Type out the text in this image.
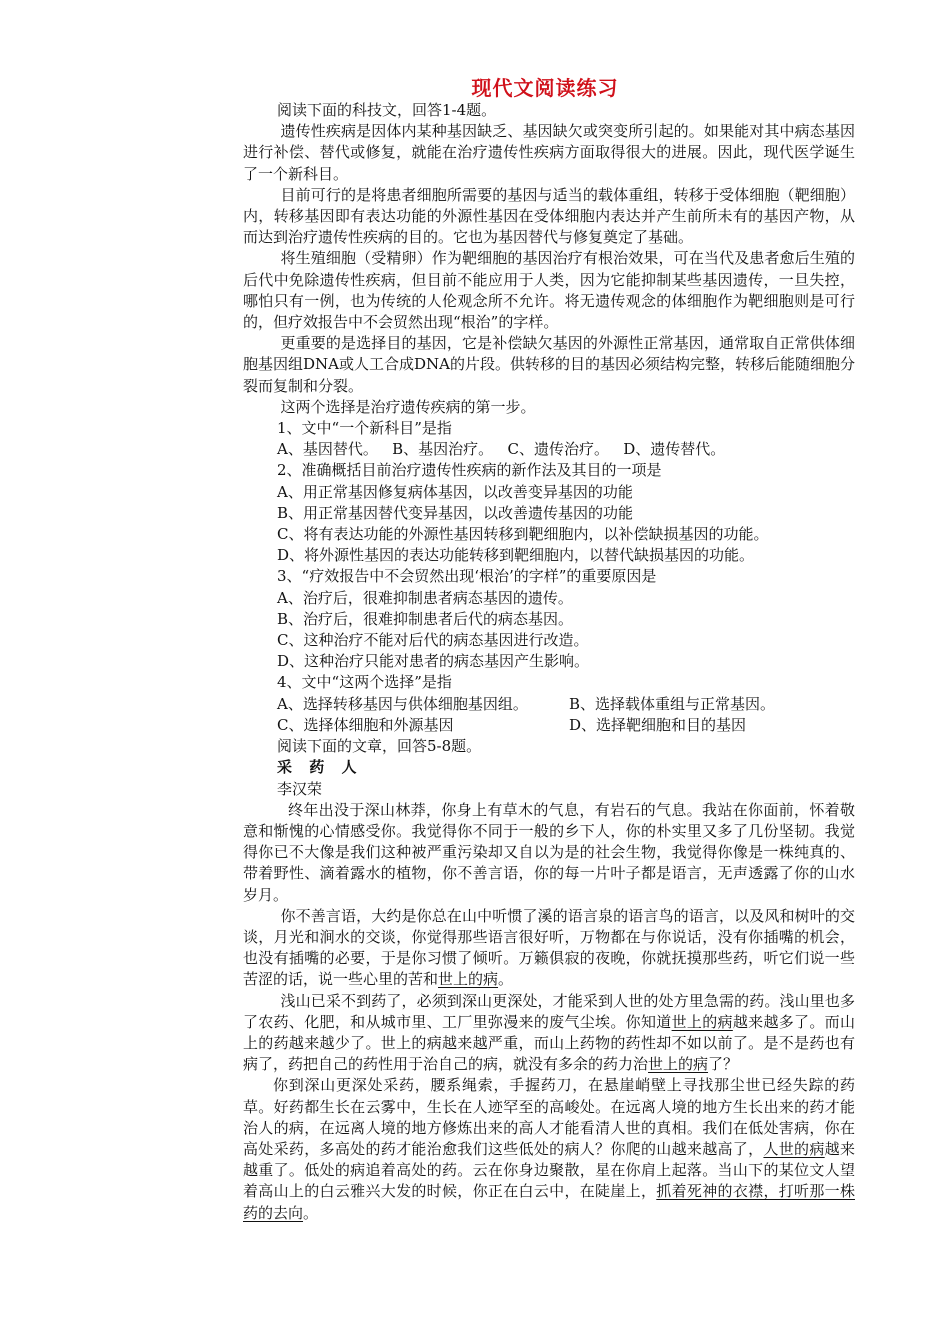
现代文阅读练习

阅读下面的科技文，回答1-4题。

遗传性疾病是因体内某种基因缺乏、基因缺欠或突变所引起的。如果能对其中病态基因进行补偿、替代或修复，就能在治疗遗传性疾病方面取得很大的进展。因此，现代医学诞生了一个新科目。

目前可行的是将患者细胞所需要的基因与适当的载体重组，转移于受体细胞（靶细胞）内，转移基因即有表达功能的外源性基因在受体细胞内表达并产生前所未有的基因产物，从而达到治疗遗传性疾病的目的。它也为基因替代与修复奠定了基础。

将生殖细胞（受精卵）作为靶细胞的基因治疗有根治效果，可在当代及患者愈后生殖的后代中免除遗传性疾病，但目前不能应用于人类，因为它能抑制某些基因遗传，一旦失控，哪怕只有一例，也为传统的人伦观念所不允许。将无遗传观念的体细胞作为靶细胞则是可行的，但疗效报告中不会贸然出现“根治”的字样。

更重要的是选择目的基因，它是补偿缺欠基因的外源性正常基因，通常取自正常供体细胞基因组DNA或人工合成DNA的片段。供转移的目的基因必须结构完整，转移后能随细胞分裂而复制和分裂。

这两个选择是治疗遗传疾病的第一步。

1、文中“一个新科目”是指

A、基因替代。   B、基因治疗。   C、遗传治疗。   D、遗传替代。

2、准确概括目前治疗遗传性疾病的新作法及其目的一项是

A、用正常基因修复病体基因，以改善变异基因的功能

B、用正常基因替代变异基因，以改善遗传基因的功能

C、将有表达功能的外源性基因转移到靶细胞内，以补偿缺损基因的功能。

D、将外源性基因的表达功能转移到靶细胞内，以替代缺损基因的功能。

3、“疗效报告中不会贸然出现‘根治’的字样”的重要原因是

A、治疗后，很难抑制患者病态基因的遗传。

B、治疗后，很难抑制患者后代的病态基因。

C、这种治疗不能对后代的病态基因进行改造。

D、这种治疗只能对患者的病态基因产生影响。

4、文中“这两个选择”是指

A、选择转移基因与供体细胞基因组。	B、选择载体重组与正常基因。
C、选择体细胞和外源基因	D、选择靶细胞和目的基因

阅读下面的文章，回答5-8题。

采 药 人

李汉荣

终年出没于深山林莽，你身上有草木的气息，有岩石的气息。我站在你面前，怀着敬意和惭愧的心情感受你。我觉得你不同于一般的乡下人，你的朴实里又多了几份坚韧。我觉得你已不大像是我们这种被严重污染却又自以为是的社会生物，我觉得你像是一株纯真的、带着野性、滴着露水的植物，你不善言语，你的每一片叶子都是语言，无声透露了你的山水岁月。

你不善言语，大约是你总在山中听惯了溪的语言泉的语言鸟的语言，以及风和树叶的交谈，月光和涧水的交谈，你觉得那些语言很好听，万物都在与你说话，没有你插嘴的机会，也没有插嘴的必要，于是你习惯了倾听。万籁俱寂的夜晚，你就抚摸那些药，听它们说一些苦涩的话，说一些心里的苦和世上的病。

浅山已采不到药了，必须到深山更深处，才能采到人世的处方里急需的药。浅山里也多了农药、化肥，和从城市里、工厂里弥漫来的废气尘埃。你知道世上的病越来越多了。而山上的药越来越少了。世上的病越来越严重，而山上药物的药性却不如以前了。是不是药也有病了，药把自己的药性用于治自己的病，就没有多余的药力治世上的病了？

你到深山更深处采药，腰系绳索，手握药刀，在悬崖峭壁上寻找那尘世已经失踪的药草。好药都生长在云雾中，生长在人迹罕至的高峻处。在远离人境的地方生长出来的药才能治人的病，在远离人境的地方修炼出来的高人才能看清人世的真相。我们在低处害病，你在高处采药，多高处的药才能治愈我们这些低处的病人？你爬的山越来越高了，人世的病越来越重了。低处的病追着高处的药。云在你身边聚散，星在你肩上起落。当山下的某位文人望着高山上的白云雅兴大发的时候，你正在白云中，在陡崖上，抓着死神的衣襟，打听那一株药的去向。
